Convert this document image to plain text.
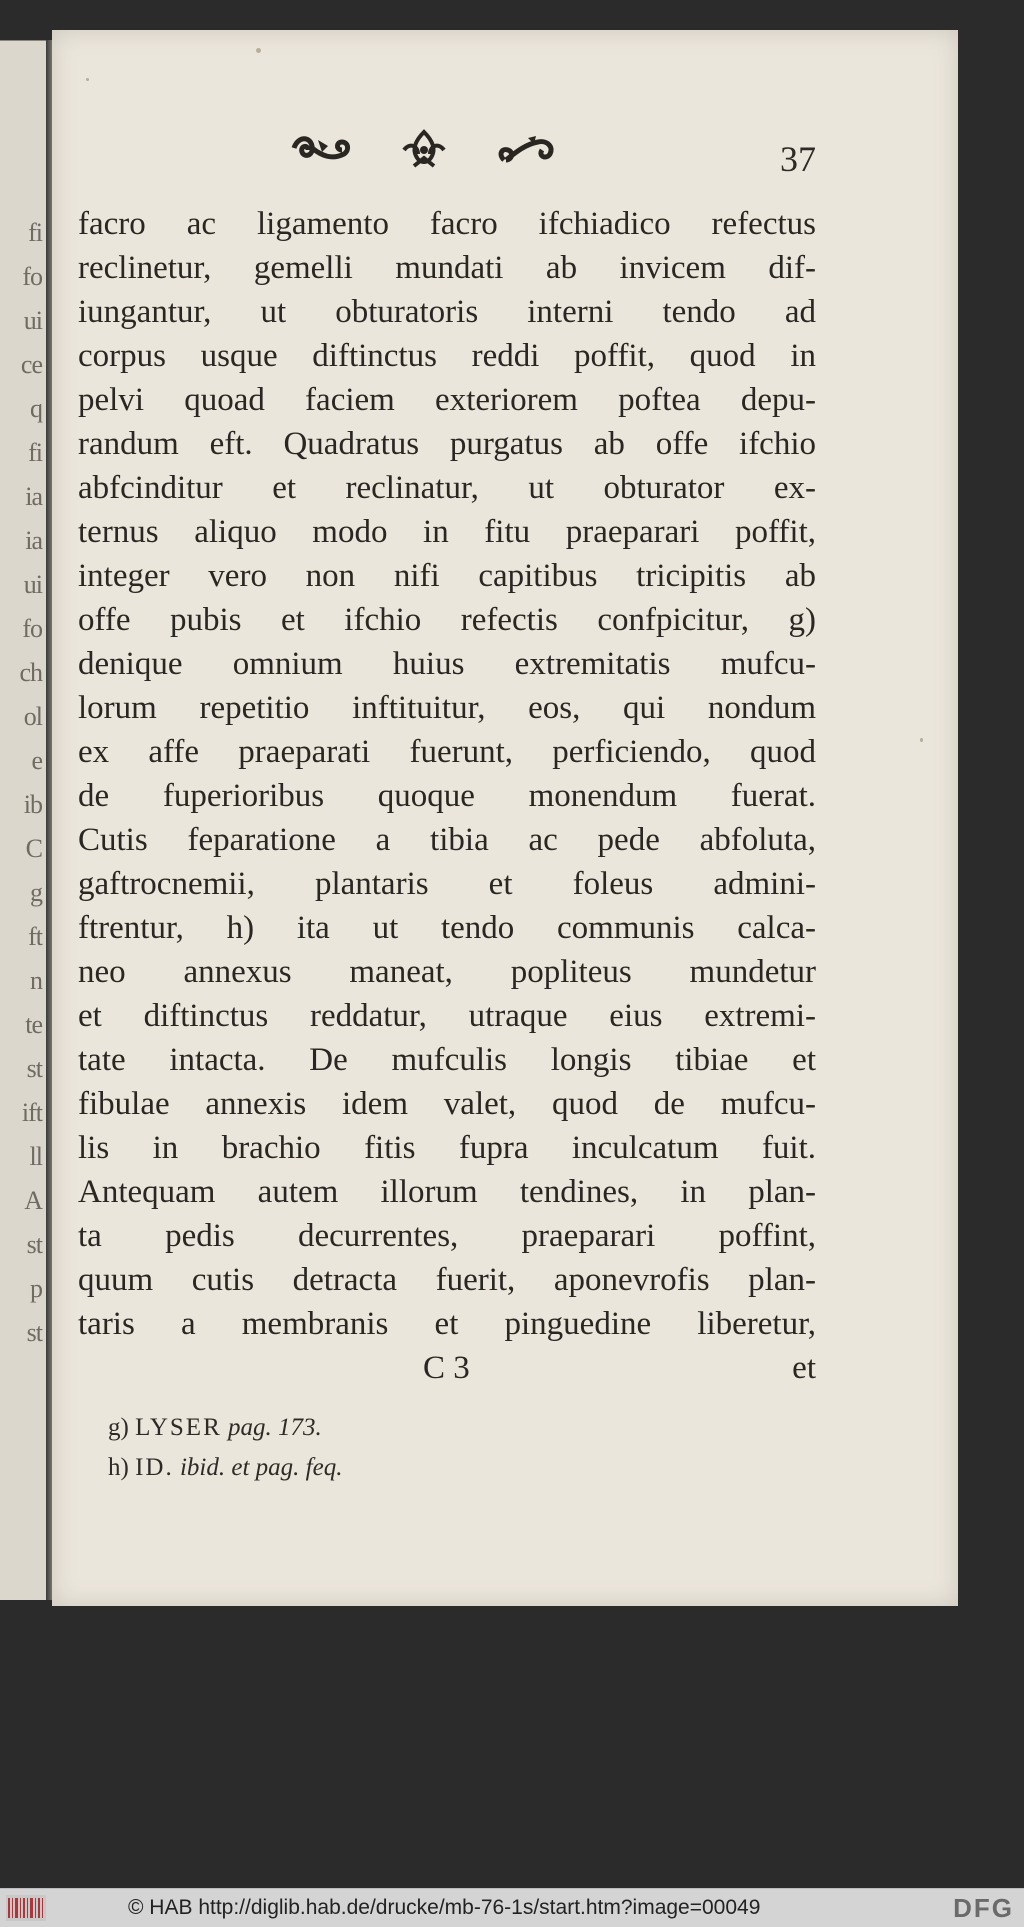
fi
fo
ui
ce
q
fi
ia
ia
ui
fo
ch
ol
e
ib
C
g
ft
n
te
st
ift
ll
A
st
p
st
37
facro ac ligamento facro ifchiadico refectus
reclinetur, gemelli mundati ab invicem dif-
iungantur, ut obturatoris interni tendo ad
corpus usque diftinctus reddi poffit, quod in
pelvi quoad faciem exteriorem poftea depu-
randum eft. Quadratus purgatus ab offe ifchio
abfcinditur et reclinatur, ut obturator ex-
ternus aliquo modo in fitu praeparari poffit,
integer vero non nifi capitibus tricipitis ab
offe pubis et ifchio refectis confpicitur, g)
denique omnium huius extremitatis mufcu-
lorum repetitio inftituitur, eos, qui nondum
ex affe praeparati fuerunt, perficiendo, quod
de fuperioribus quoque monendum fuerat.
Cutis feparatione a tibia ac pede abfoluta,
gaftrocnemii, plantaris et foleus admini-
ftrentur, h) ita ut tendo communis calca-
neo annexus maneat, popliteus mundetur
et diftinctus reddatur, utraque eius extremi-
tate intacta. De mufculis longis tibiae et
fibulae annexis idem valet, quod de mufcu-
lis in brachio fitis fupra inculcatum fuit.
Antequam autem illorum tendines, in plan-
ta pedis decurrentes, praeparari poffint,
quum cutis detracta fuerit, aponevrofis plan-
taris a membranis et pinguedine liberetur,
C 3	et
g) LYSER pag. 173.
h) ID. ibid. et pag. feq.
© HAB http://diglib.hab.de/drucke/mb-76-1s/start.htm?image=00049	DFG
